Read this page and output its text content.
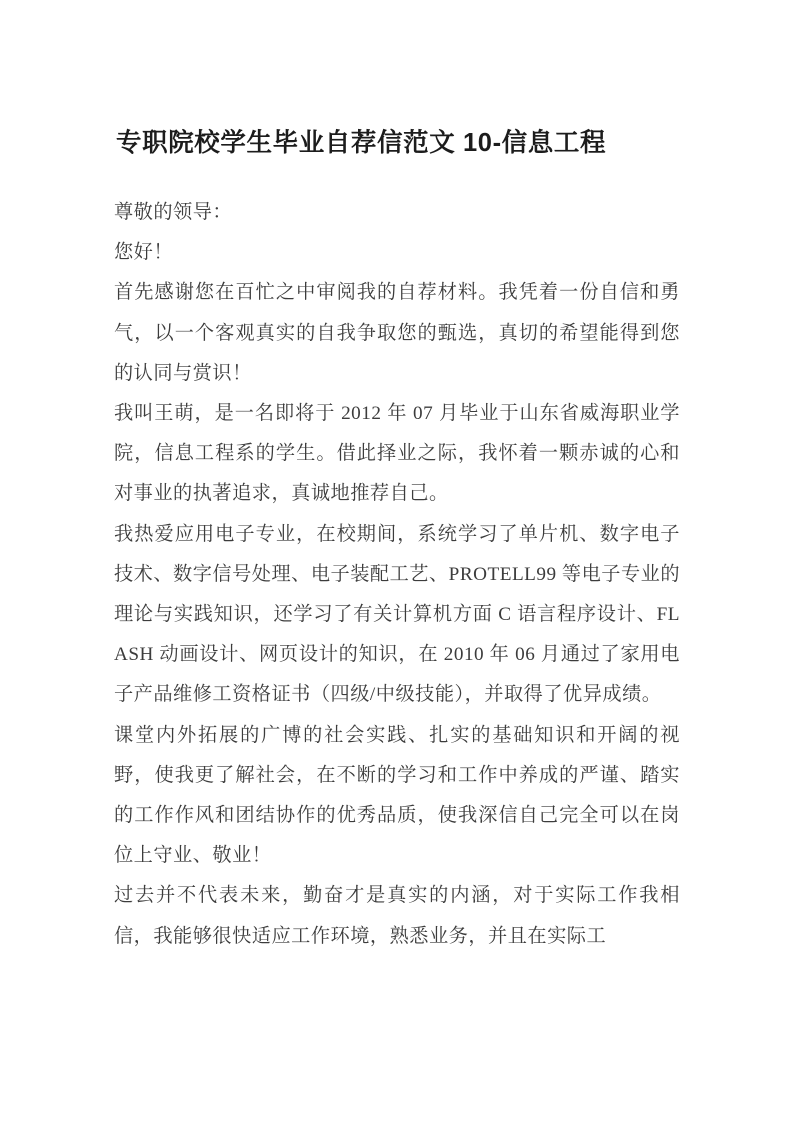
专职院校学生毕业自荐信范文 10-信息工程

尊敬的领导：

您好！

首先感谢您在百忙之中审阅我的自荐材料。我凭着一份自信和勇气，以一个客观真实的自我争取您的甄选，真切的希望能得到您的认同与赏识！

我叫王萌，是一名即将于 2012 年 07 月毕业于山东省威海职业学院，信息工程系的学生。借此择业之际，我怀着一颗赤诚的心和对事业的执著追求，真诚地推荐自己。

我热爱应用电子专业，在校期间，系统学习了单片机、数字电子技术、数字信号处理、电子装配工艺、PROTELL99 等电子专业的理论与实践知识，还学习了有关计算机方面 C 语言程序设计、FLASH 动画设计、网页设计的知识，在 2010 年 06 月通过了家用电子产品维修工资格证书（四级/中级技能），并取得了优异成绩。

课堂内外拓展的广博的社会实践、扎实的基础知识和开阔的视野，使我更了解社会，在不断的学习和工作中养成的严谨、踏实的工作作风和团结协作的优秀品质，使我深信自己完全可以在岗位上守业、敬业！

过去并不代表未来，勤奋才是真实的内涵，对于实际工作我相信，我能够很快适应工作环境，熟悉业务，并且在实际工
